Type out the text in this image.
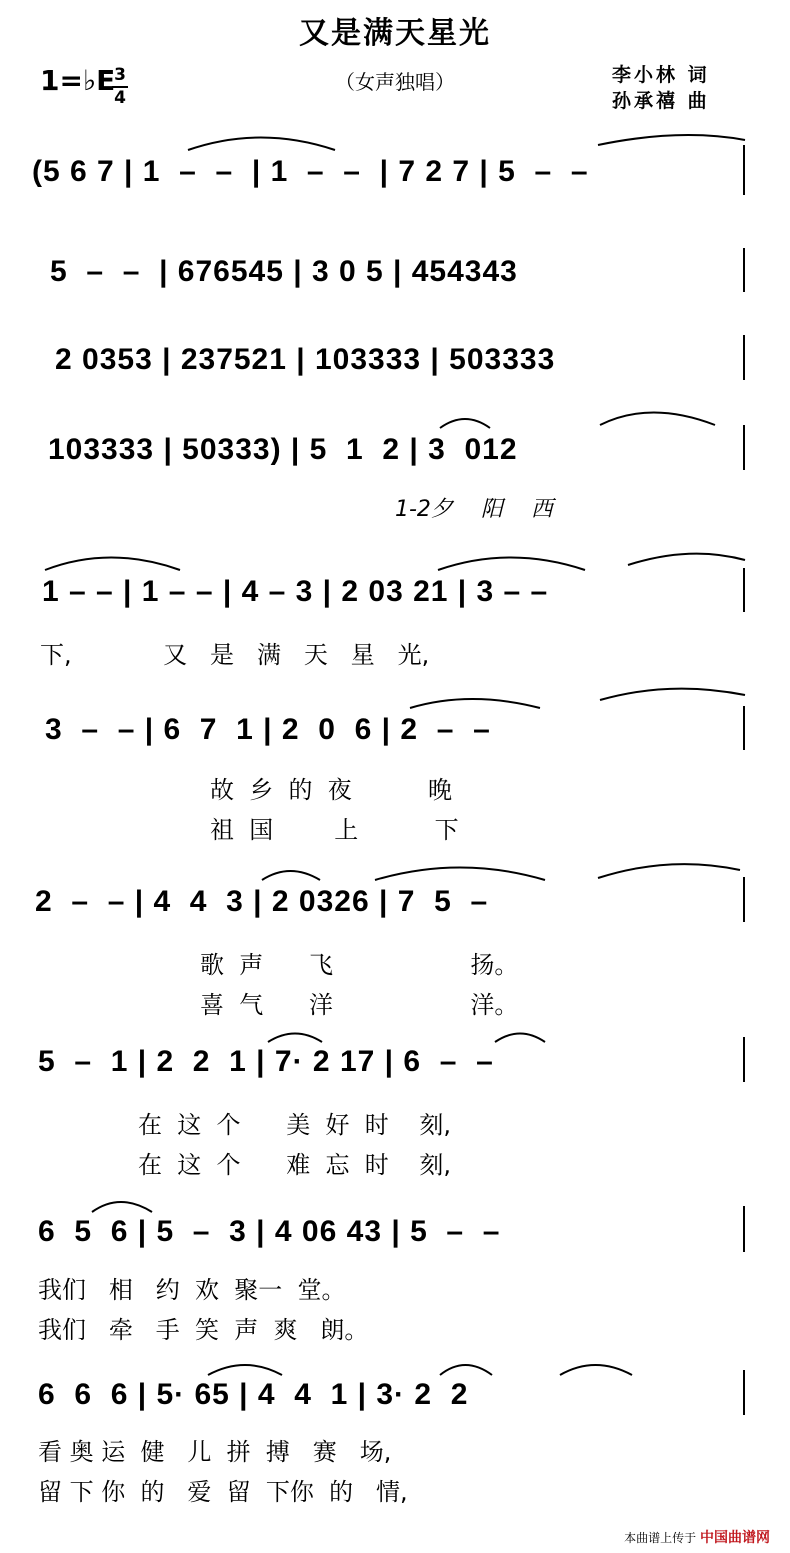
又是满天星光
（女声独唱）
1=♭E
3
4
李小林 词
孙承禧 曲
(5 6 7 | 1  –  –  | 1  –  –  | 7 2 7 | 5  –  –
5  –  –  | 676545 | 3 0 5 | 454343
2 0353 | 237521 | 103333 | 503333
103333 | 50333) | 5  1  2 | 3  012
1-2夕    阳    西
1 – – | 1 – – | 4 – 3 | 2 03 21 | 3 – –
下,            又   是   满   天   星   光,
3  –  – | 6  7  1 | 2  0  6 | 2  –  –
故  乡  的  夜          晚
祖  国        上          下
2  –  – | 4  4  3 | 2 0326 | 7  5  –
歌  声      飞                  扬。
喜  气      洋                  洋。
5  –  1 | 2  2  1 | 7· 2 17 | 6  –  –
在  这  个      美  好  时    刻,
在  这  个      难  忘  时    刻,
6  5  6 | 5  –  3 | 4 06 43 | 5  –  –
我们   相   约  欢  聚一  堂。
我们   牵   手  笑  声  爽   朗。
6  6  6 | 5· 65 | 4  4  1 | 3· 2  2
看 奥 运  健   儿  拼  搏   赛   场,
留 下 你  的   爱  留  下你  的   情,
本曲谱上传于 中国曲谱网
